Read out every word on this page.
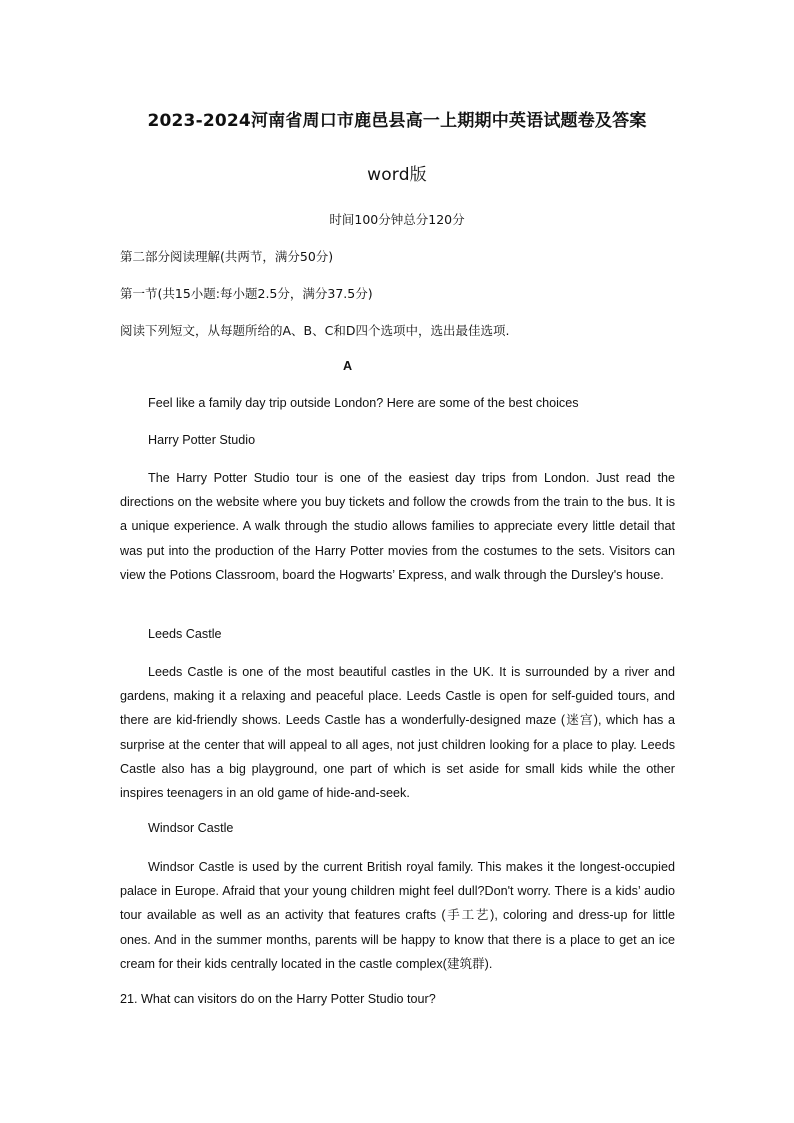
2023-2024河南省周口市鹿邑县高一上期期中英语试题卷及答案
word版
时间100分钟总分120分
第二部分阅读理解(共两节，满分50分)
第一节(共15小题:每小题2.5分，满分37.5分)
阅读下列短文，从每题所给的A、B、C和D四个选项中，选出最佳选项.
A
Feel like a family day trip outside London? Here are some of the best choices
Harry Potter Studio

The Harry Potter Studio tour is one of the easiest day trips from London. Just read the directions on the website where you buy tickets and follow the crowds from the train to the bus. It is a unique experience. A walk through the studio allows families to appreciate every little detail that was put into the production of the Harry Potter movies from the costumes to the sets. Visitors can view the Potions Classroom, board the Hogwarts’ Express, and walk through the Dursley's house.

Leeds Castle

Leeds Castle is one of the most beautiful castles in the UK. It is surrounded by a river and gardens, making it a relaxing and peaceful place. Leeds Castle is open for self-guided tours, and there are kid-friendly shows. Leeds Castle has a wonderfully-designed maze (迷宫), which has a surprise at the center that will appeal to all ages, not just children looking for a place to play. Leeds Castle also has a big playground, one part of which is set aside for small kids while the other inspires teenagers in an old game of hide-and-seek.

Windsor Castle

Windsor Castle is used by the current British royal family. This makes it the longest-occupied palace in Europe. Afraid that your young children might feel dull?Don't worry. There is a kids’ audio tour available as well as an activity that features crafts (手工艺), coloring and dress-up for little ones. And in the summer months, parents will be happy to know that there is a place to get an ice cream for their kids centrally located in the castle complex(建筑群).

21. What can visitors do on the Harry Potter Studio tour?
